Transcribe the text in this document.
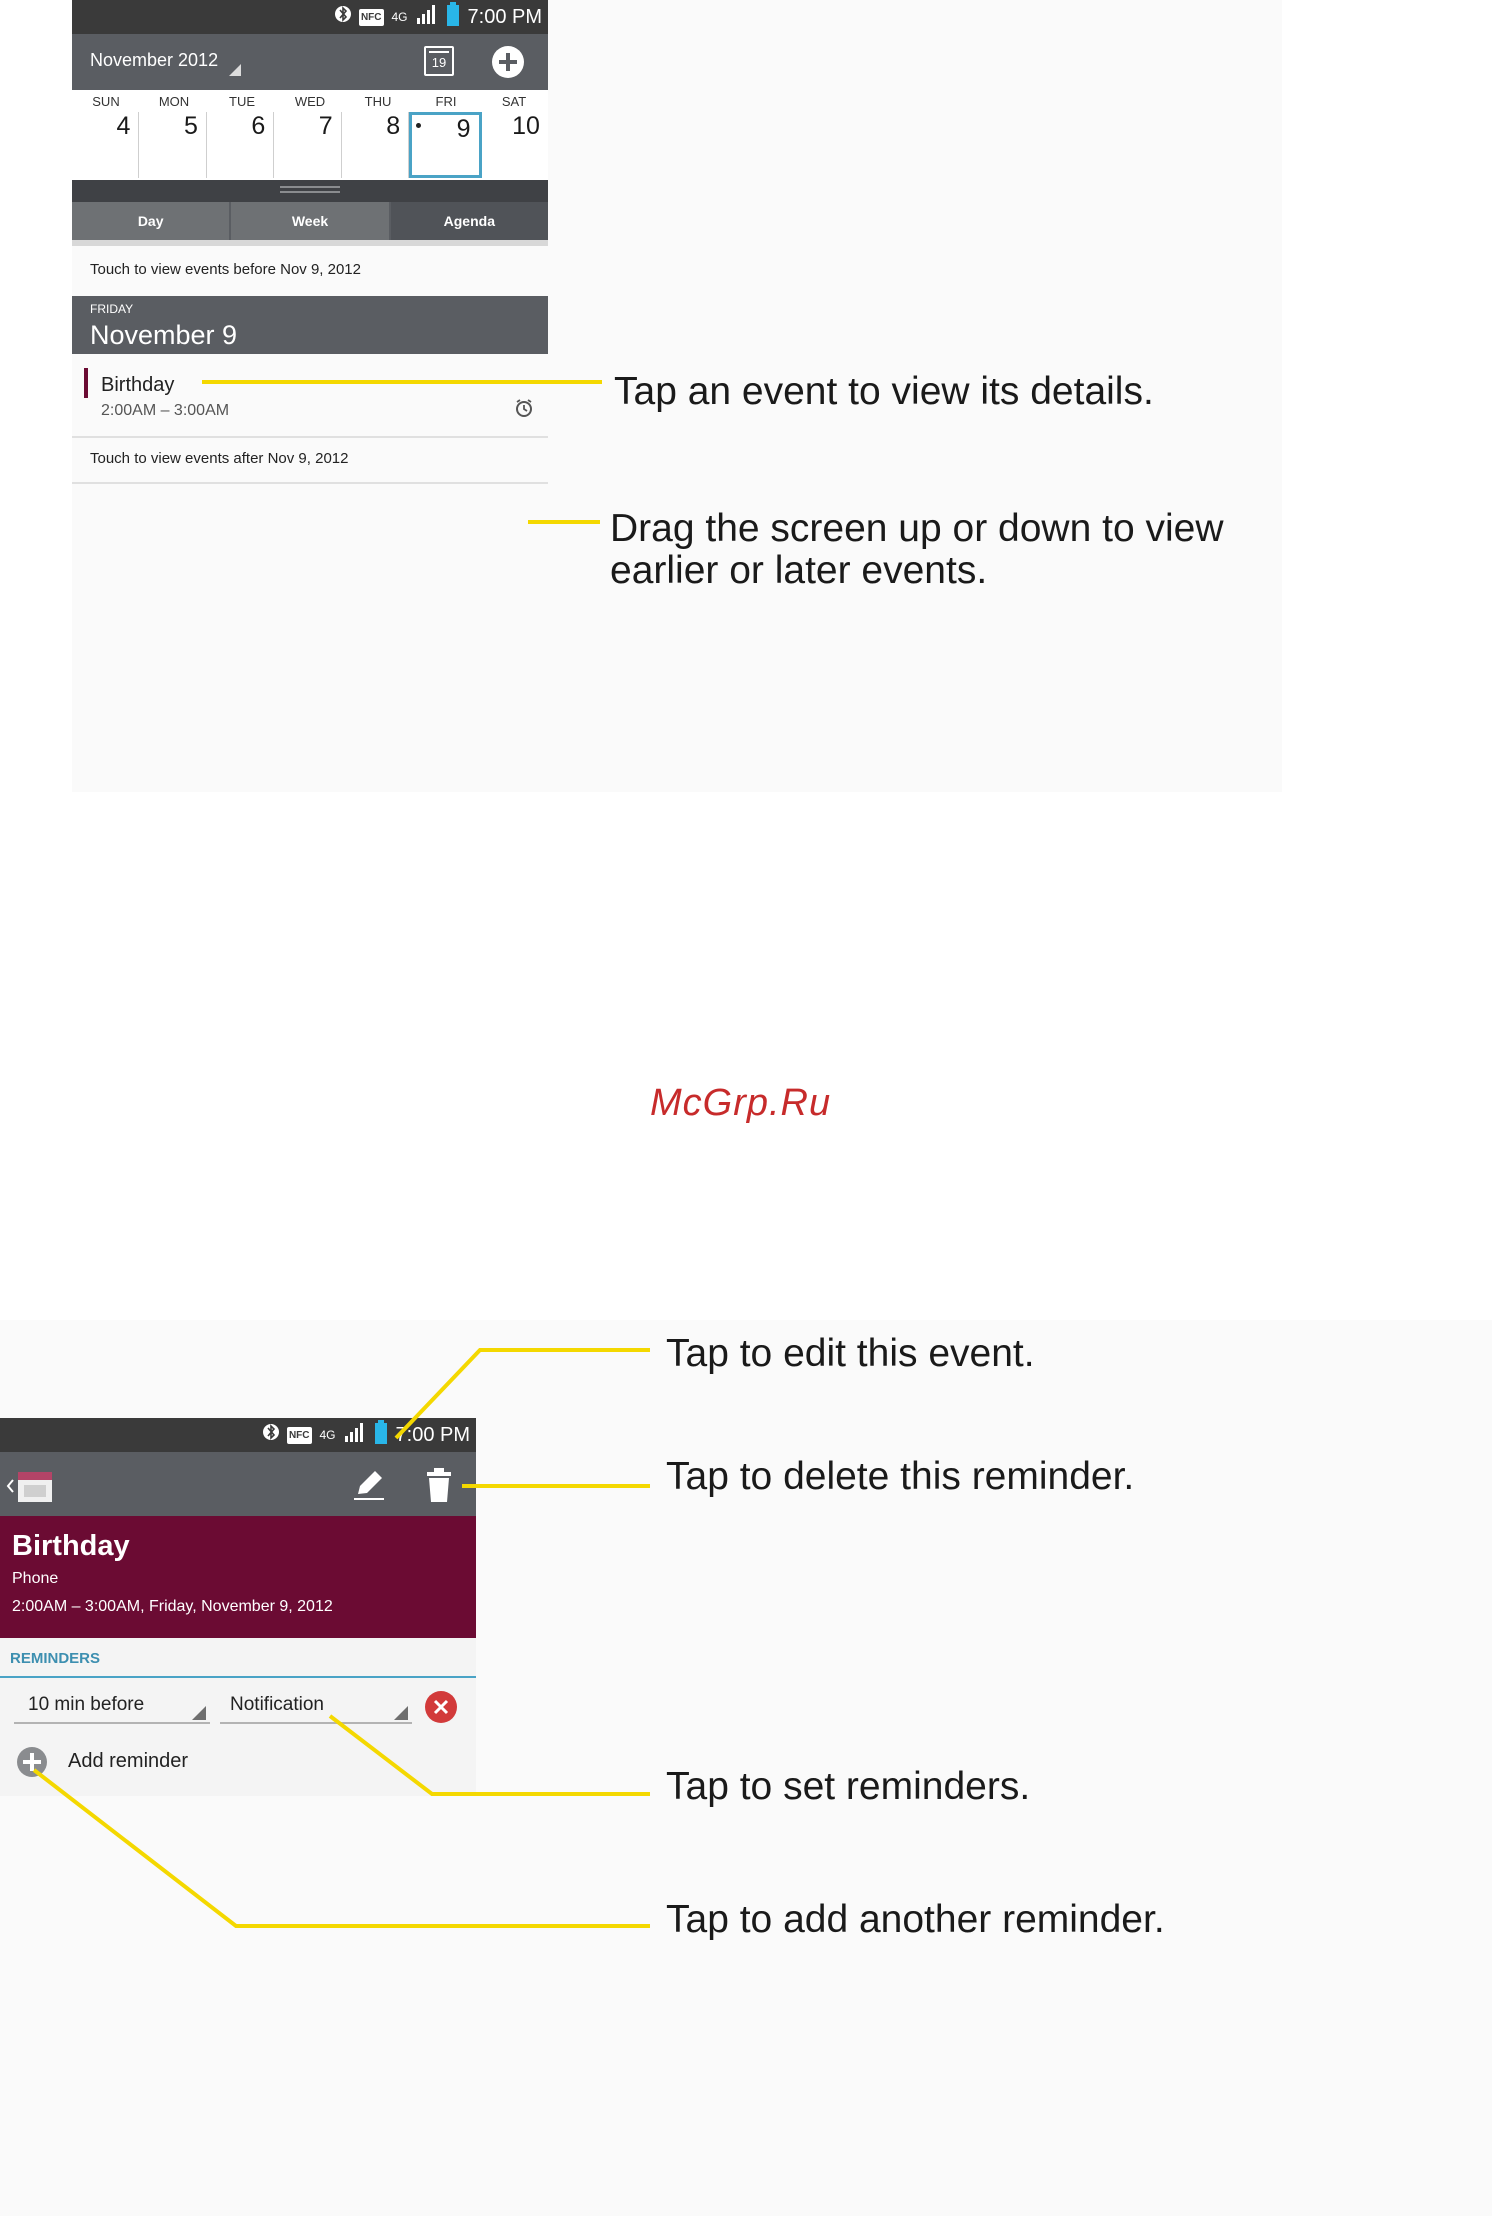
NFC 4G	7:00 PM
November 2012	19
SUN	MON	TUE	WED	THU	FRI	SAT
4	5	6	7	8	9	10
Day	Week	Agenda
Touch to view events before Nov 9, 2012
FRIDAY
November 9
Birthday
2:00AM – 3:00AM
Touch to view events after Nov 9, 2012
Tap an event to view its details.
Drag the screen up or down to view
earlier or later events.
McGrp.Ru
NFC 4G	7:00 PM
Birthday
Phone
2:00AM – 3:00AM, Friday, November 9, 2012
REMINDERS
10 min before	Notification
Add reminder
Tap to edit this event.
Tap to delete this reminder.
Tap to set reminders.
Tap to add another reminder.
